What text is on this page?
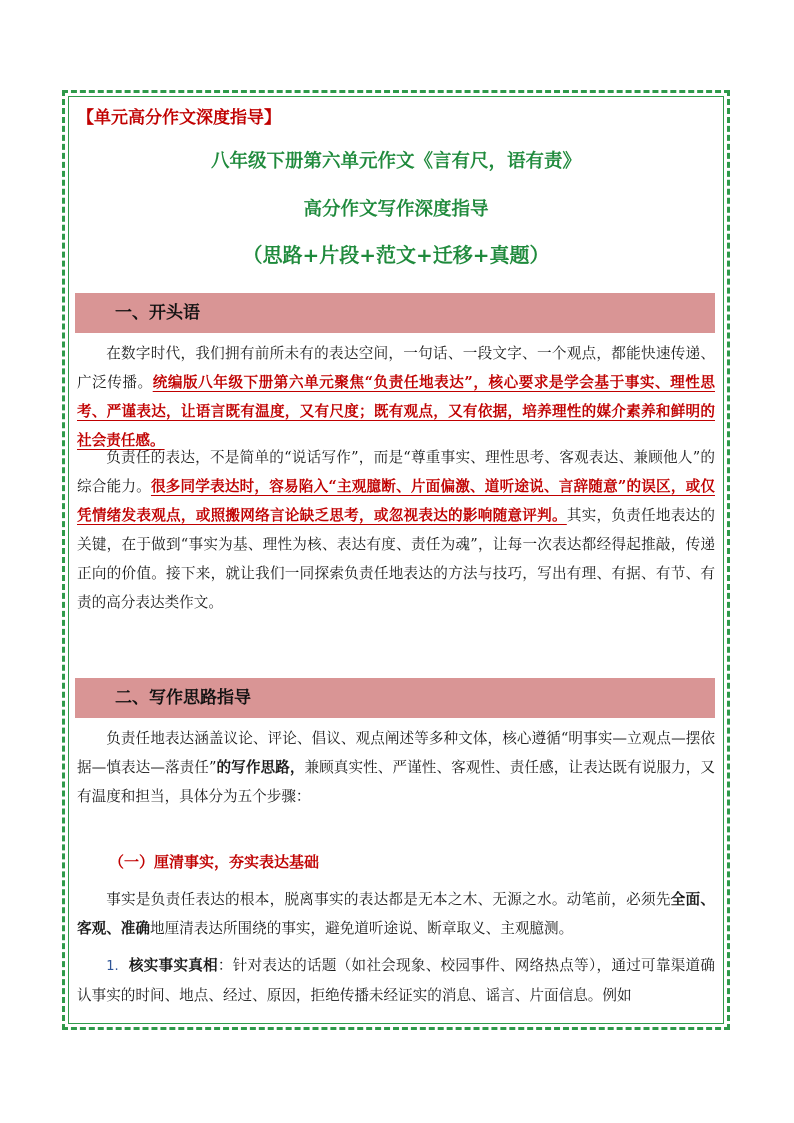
【单元高分作文深度指导】
八年级下册第六单元作文《言有尺，语有责》
高分作文写作深度指导
（思路+片段+范文+迁移+真题）
一、开头语

在数字时代，我们拥有前所未有的表达空间，一句话、一段文字、一个观点，都能快速传递、广泛传播。统编版八年级下册第六单元聚焦“负责任地表达”，核心要求是学会基于事实、理性思考、严谨表达，让语言既有温度，又有尺度；既有观点，又有依据，培养理性的媒介素养和鲜明的社会责任感。

负责任的表达，不是简单的“说话写作”，而是“尊重事实、理性思考、客观表达、兼顾他人”的综合能力。很多同学表达时，容易陷入“主观臆断、片面偏激、道听途说、言辞随意”的误区，或仅凭情绪发表观点，或照搬网络言论缺乏思考，或忽视表达的影响随意评判。其实，负责任地表达的关键，在于做到“事实为基、理性为核、表达有度、责任为魂”，让每一次表达都经得起推敲，传递正向的价值。接下来，就让我们一同探索负责任地表达的方法与技巧，写出有理、有据、有节、有责的高分表达类作文。

二、写作思路指导

负责任地表达涵盖议论、评论、倡议、观点阐述等多种文体，核心遵循“明事实—立观点—摆依据—慎表达—落责任”的写作思路，兼顾真实性、严谨性、客观性、责任感，让表达既有说服力，又有温度和担当，具体分为五个步骤：

（一）厘清事实，夯实表达基础

事实是负责任表达的根本，脱离事实的表达都是无本之木、无源之水。动笔前，必须先全面、客观、准确地厘清表达所围绕的事实，避免道听途说、断章取义、主观臆测。

1. 核实事实真相：针对表达的话题（如社会现象、校园事件、网络热点等），通过可靠渠道确认事实的时间、地点、经过、原因，拒绝传播未经证实的消息、谣言、片面信息。例如
